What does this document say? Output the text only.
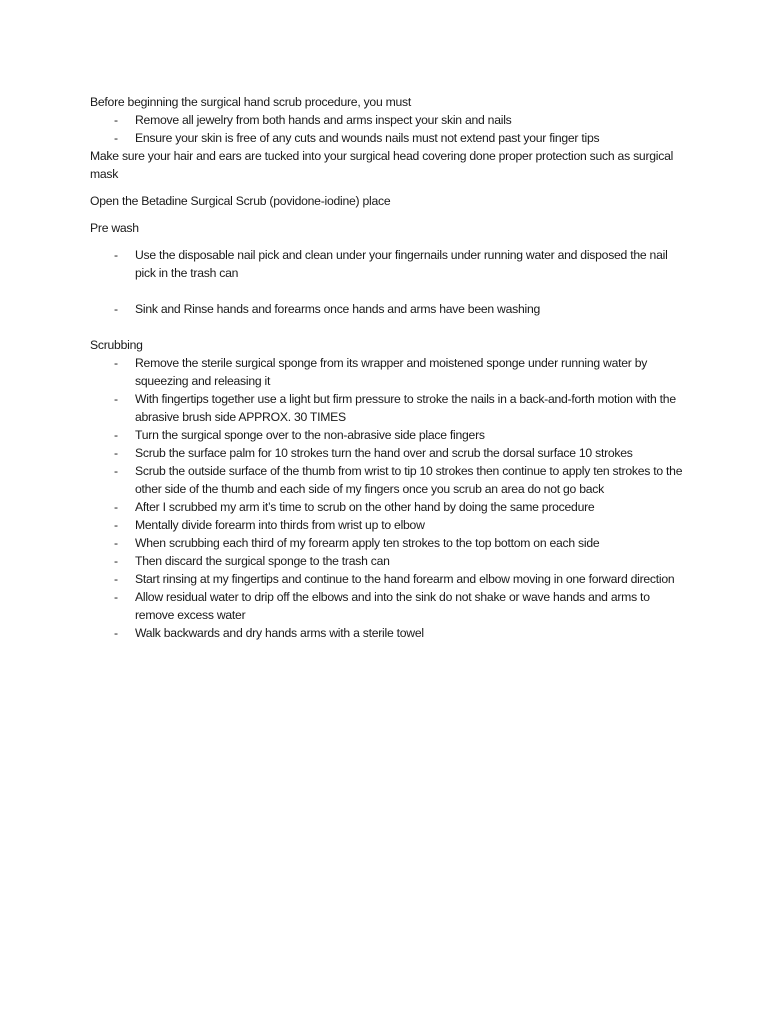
Before beginning the surgical hand scrub procedure, you must

- Remove all jewelry from both hands and arms inspect your skin and nails
- Ensure your skin is free of any cuts and wounds nails must not extend past your finger tips

Make sure your hair and ears are tucked into your surgical head covering done proper protection such as surgical mask

Open the Betadine Surgical Scrub (povidone-iodine) place

Pre wash

- Use the disposable nail pick and clean under your fingernails under running water and disposed the nail pick in the trash can
- Sink and Rinse hands and forearms once hands and arms have been washing

Scrubbing

- Remove the sterile surgical sponge from its wrapper and moistened sponge under running water by squeezing and releasing it
- With fingertips together use a light but firm pressure to stroke the nails in a back-and-forth motion with the abrasive brush side APPROX. 30 TIMES
- Turn the surgical sponge over to the non-abrasive side place fingers
- Scrub the surface palm for 10 strokes turn the hand over and scrub the dorsal surface 10 strokes
- Scrub the outside surface of the thumb from wrist to tip 10 strokes then continue to apply ten strokes to the other side of the thumb and each side of my fingers once you scrub an area do not go back
- After I scrubbed my arm it’s time to scrub on the other hand by doing the same procedure
- Mentally divide forearm into thirds from wrist up to elbow
- When scrubbing each third of my forearm apply ten strokes to the top bottom on each side
- Then discard the surgical sponge to the trash can
- Start rinsing at my fingertips and continue to the hand forearm and elbow moving in one forward direction
- Allow residual water to drip off the elbows and into the sink do not shake or wave hands and arms to remove excess water
- Walk backwards and dry hands arms with a sterile towel
